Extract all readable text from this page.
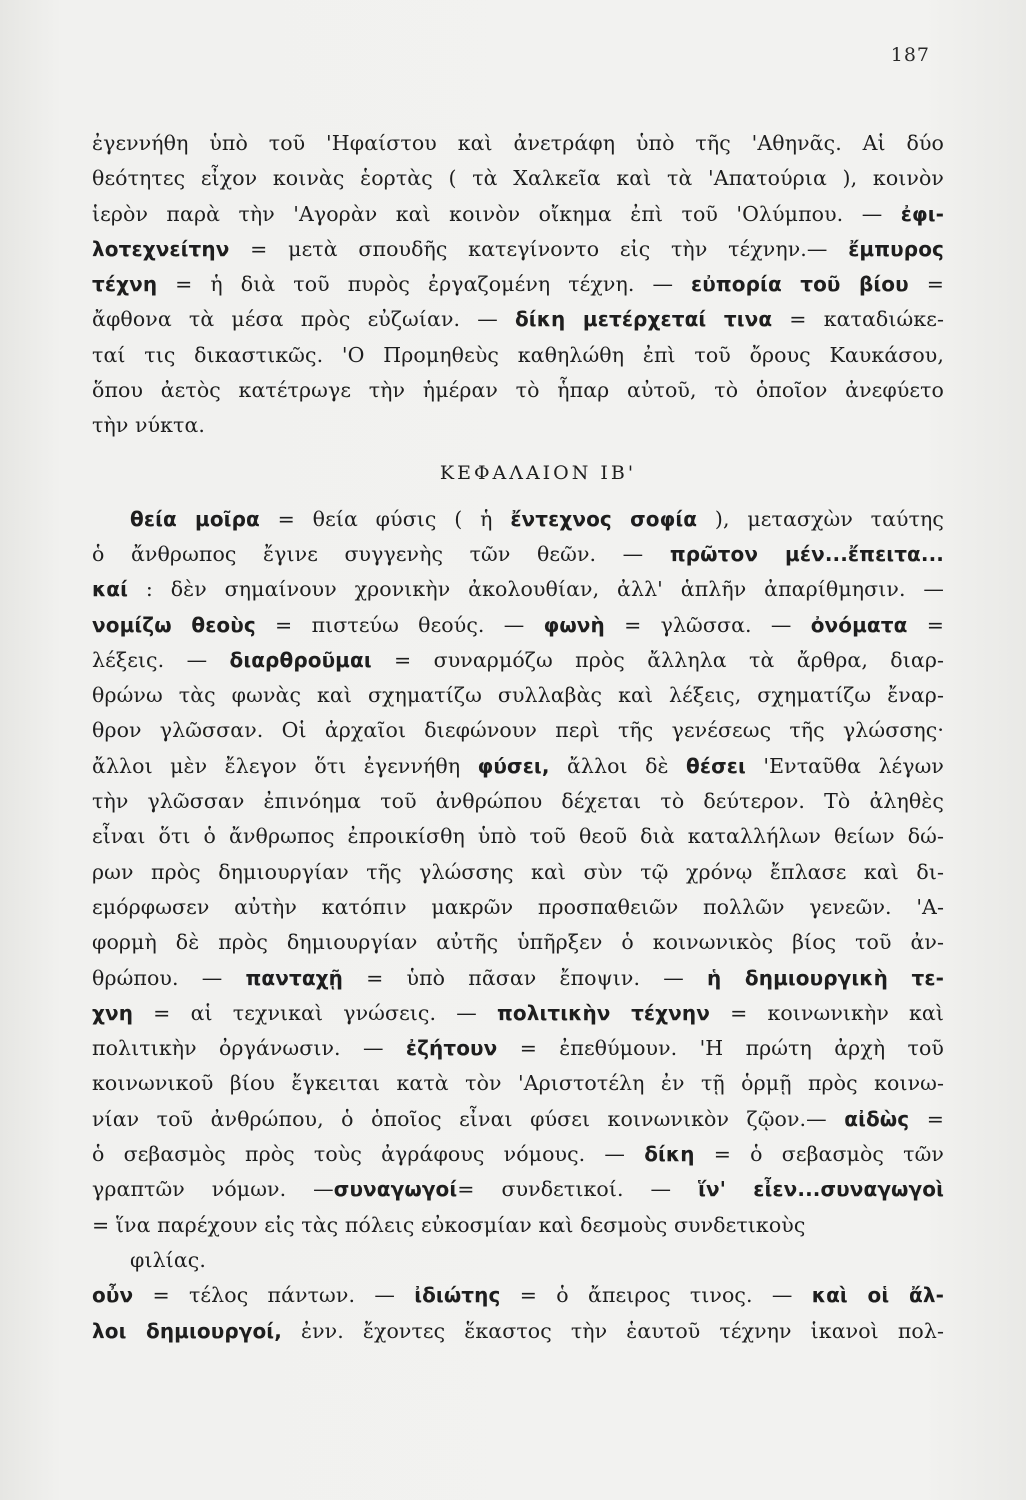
187
ἐγεννήθη ὑπὸ τοῦ 'Ηφαίστου καὶ ἀνετράφη ὑπὸ τῆς 'Αθηνᾶς. Αἱ δύο
θεότητες εἶχον κοινὰς ἑορτὰς ( τὰ Χαλκεῖα καὶ τὰ 'Απατούρια ), κοινὸν
ἱερὸν παρὰ τὴν 'Αγορὰν καὶ κοινὸν οἴκημα ἐπὶ τοῦ 'Ολύμπου. — ἐφι-
λοτεχνείτην = μετὰ σπουδῆς κατεγίνοντο εἰς τὴν τέχνην.— ἔμπυρος
τέχνη = ἡ διὰ τοῦ πυρὸς ἐργαζομένη τέχνη. — εὐπορία τοῦ βίου =
ἄφθονα τὰ μέσα πρὸς εὐζωίαν. — δίκη μετέρχεταί τινα = καταδιώκε-
ταί τις δικαστικῶς. 'Ο Προμηθεὺς καθηλώθη ἐπὶ τοῦ ὄρους Καυκάσου,
ὅπου ἀετὸς κατέτρωγε τὴν ἡμέραν τὸ ἧπαρ αὐτοῦ, τὸ ὁποῖον ἀνεφύετο
τὴν νύκτα.
ΚΕΦΑΛΑΙΟΝ ΙΒ'
θεία μοῖρα = θεία φύσις ( ἡ ἔντεχνος σοφία ), μετασχὼν ταύτης
ὁ ἄνθρωπος ἔγινε συγγενὴς τῶν θεῶν. — πρῶτον μέν...ἔπειτα...
καί : δὲν σημαίνουν χρονικὴν ἀκολουθίαν, ἀλλ' ἁπλῆν ἀπαρίθμησιν. —
νομίζω θεοὺς = πιστεύω θεούς. — φωνὴ = γλῶσσα. — ὀνόματα =
λέξεις. — διαρθροῦμαι = συναρμόζω πρὸς ἄλληλα τὰ ἄρθρα, διαρ-
θρώνω τὰς φωνὰς καὶ σχηματίζω συλλαβὰς καὶ λέξεις, σχηματίζω ἔναρ-
θρον γλῶσσαν. Οἱ ἀρχαῖοι διεφώνουν περὶ τῆς γενέσεως τῆς γλώσσης·
ἄλλοι μὲν ἔλεγον ὅτι ἐγεννήθη φύσει, ἄλλοι δὲ θέσει 'Ενταῦθα λέγων
τὴν γλῶσσαν ἐπινόημα τοῦ ἀνθρώπου δέχεται τὸ δεύτερον. Τὸ ἀληθὲς
εἶναι ὅτι ὁ ἄνθρωπος ἐπροικίσθη ὑπὸ τοῦ θεοῦ διὰ καταλλήλων θείων δώ-
ρων πρὸς δημιουργίαν τῆς γλώσσης καὶ σὺν τῷ χρόνῳ ἔπλασε καὶ δι-
εμόρφωσεν αὐτὴν κατόπιν μακρῶν προσπαθειῶν πολλῶν γενεῶν. 'Α-
φορμὴ δὲ πρὸς δημιουργίαν αὐτῆς ὑπῆρξεν ὁ κοινωνικὸς βίος τοῦ ἀν-
θρώπου. — πανταχῇ = ὑπὸ πᾶσαν ἔποψιν. — ἡ δημιουργικὴ τε-
χνη = αἱ τεχνικαὶ γνώσεις. — πολιτικὴν τέχνην = κοινωνικὴν καὶ
πολιτικὴν ὀργάνωσιν. — ἐζήτουν = ἐπεθύμουν. 'Η πρώτη ἀρχὴ τοῦ
κοινωνικοῦ βίου ἔγκειται κατὰ τὸν 'Αριστοτέλη ἐν τῇ ὁρμῇ πρὸς κοινω-
νίαν τοῦ ἀνθρώπου, ὁ ὁποῖος εἶναι φύσει κοινωνικὸν ζῷον.— αἰδὼς =
ὁ σεβασμὸς πρὸς τοὺς ἀγράφους νόμους. — δίκη = ὁ σεβασμὸς τῶν
γραπτῶν νόμων. —συναγωγοί= συνδετικοί. — ἵν' εἶεν...συναγωγοὶ
= ἵνα παρέχουν εἰς τὰς πόλεις εὐκοσμίαν καὶ δεσμοὺς συνδετικοὺς
φιλίας.
οὖν = τέλος πάντων. — ἰδιώτης = ὁ ἄπειρος τινος. — καὶ οἱ ἄλ-
λοι δημιουργοί, ἐνν. ἔχοντες ἕκαστος τὴν ἑαυτοῦ τέχνην ἱκανοὶ πολ-
